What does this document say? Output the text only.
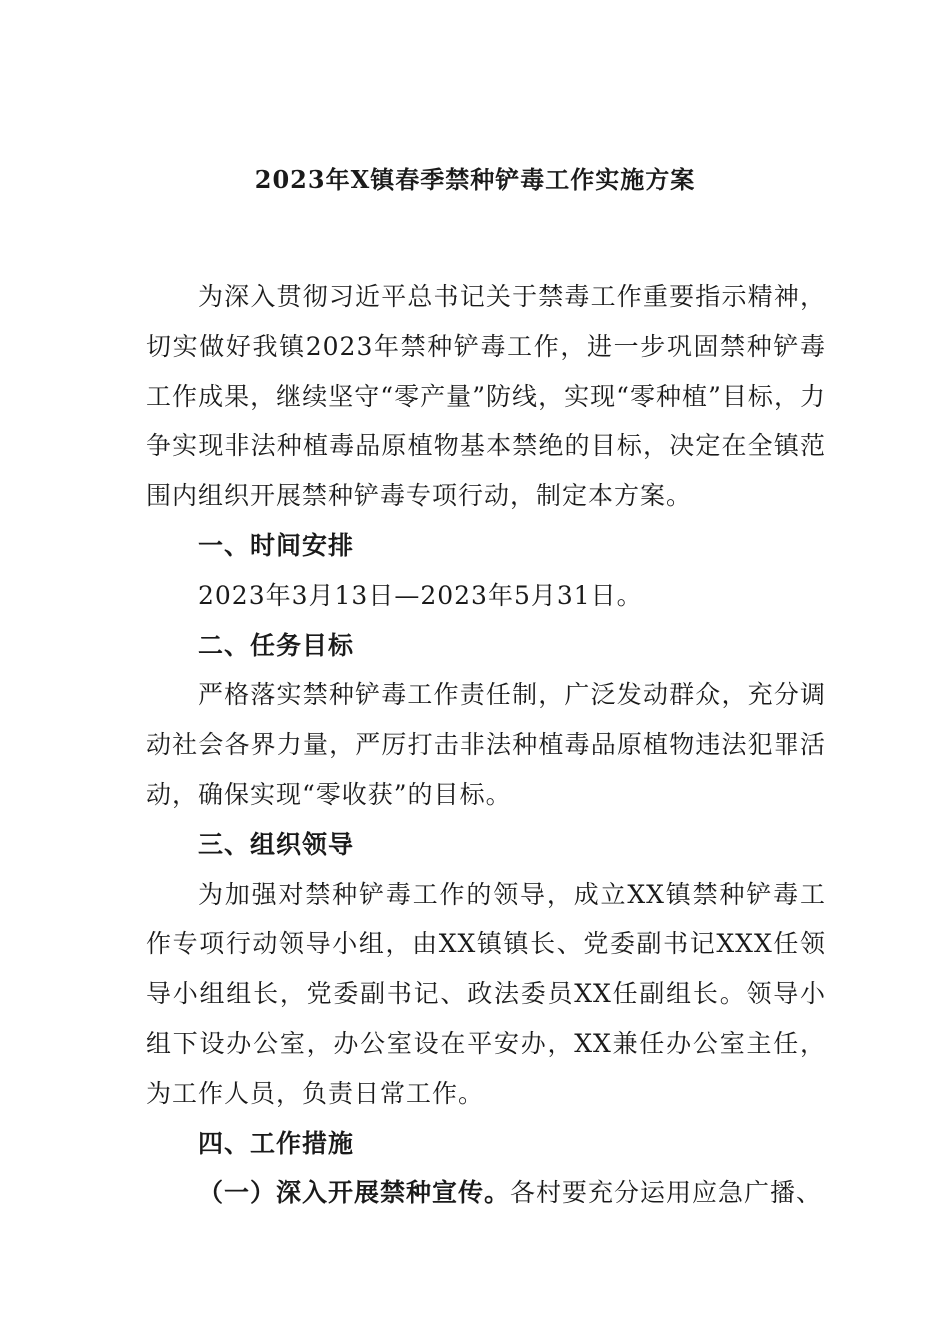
2023年X镇春季禁种铲毒工作实施方案

为深入贯彻习近平总书记关于禁毒工作重要指示精神，切实做好我镇2023年禁种铲毒工作，进一步巩固禁种铲毒工作成果，继续坚守“零产量”防线，实现“零种植”目标，力争实现非法种植毒品原植物基本禁绝的目标，决定在全镇范围内组织开展禁种铲毒专项行动，制定本方案。

一、时间安排

2023年3月13日—2023年5月31日。

二、任务目标

严格落实禁种铲毒工作责任制，广泛发动群众，充分调动社会各界力量，严厉打击非法种植毒品原植物违法犯罪活动，确保实现“零收获”的目标。

三、组织领导

为加强对禁种铲毒工作的领导，成立XX镇禁种铲毒工作专项行动领导小组，由XX镇镇长、党委副书记XXX任领导小组组长，党委副书记、政法委员XX任副组长。领导小组下设办公室，办公室设在平安办，XX兼任办公室主任，为工作人员，负责日常工作。

四、工作措施

（一）深入开展禁种宣传。各村要充分运用应急广播、
